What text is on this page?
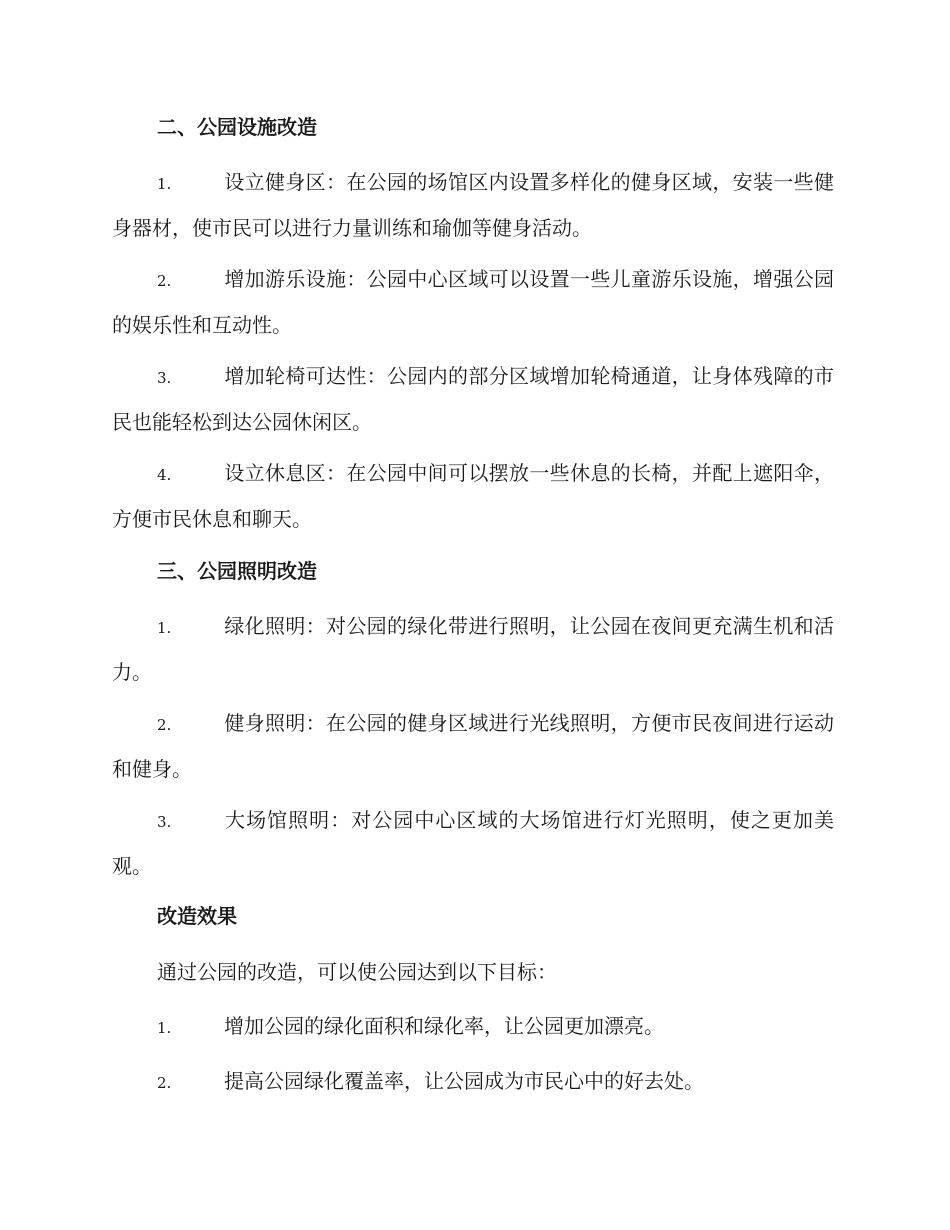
二、公园设施改造
1.	设立健身区：在公园的场馆区内设置多样化的健身区域，安装一些健身器材，使市民可以进行力量训练和瑜伽等健身活动。
2.	增加游乐设施：公园中心区域可以设置一些儿童游乐设施，增强公园的娱乐性和互动性。
3.	增加轮椅可达性：公园内的部分区域增加轮椅通道，让身体残障的市民也能轻松到达公园休闲区。
4.	设立休息区：在公园中间可以摆放一些休息的长椅，并配上遮阳伞，方便市民休息和聊天。
三、公园照明改造
1.	绿化照明：对公园的绿化带进行照明，让公园在夜间更充满生机和活力。
2.	健身照明：在公园的健身区域进行光线照明，方便市民夜间进行运动和健身。
3.	大场馆照明：对公园中心区域的大场馆进行灯光照明，使之更加美观。
改造效果
通过公园的改造，可以使公园达到以下目标：
1.	增加公园的绿化面积和绿化率，让公园更加漂亮。
2.	提高公园绿化覆盖率，让公园成为市民心中的好去处。
